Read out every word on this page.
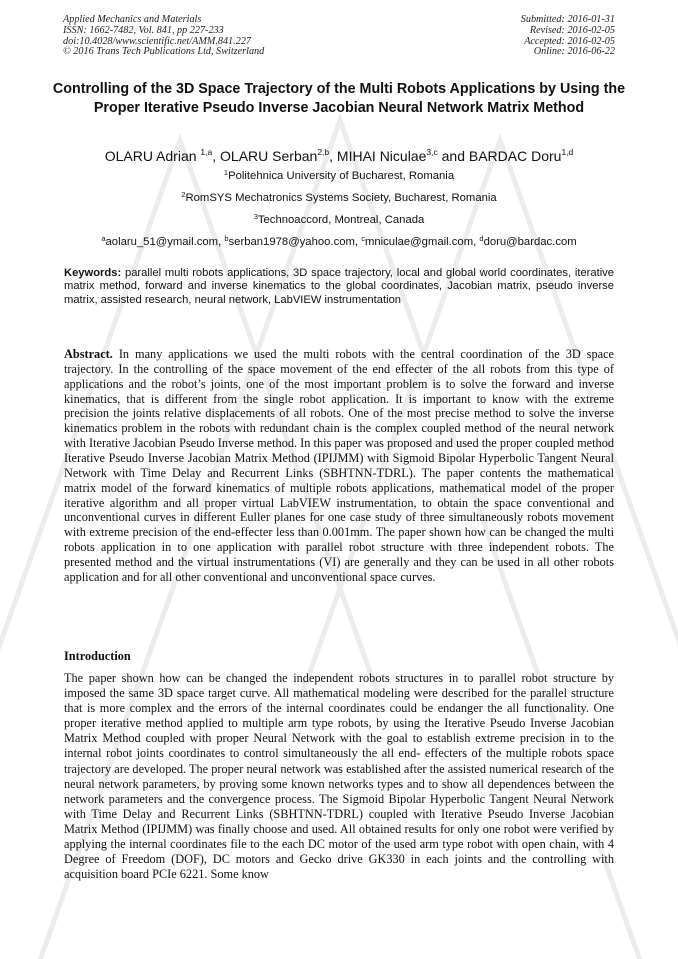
Applied Mechanics and Materials
ISSN: 1662-7482, Vol. 841, pp 227-233
doi:10.4028/www.scientific.net/AMM.841.227
© 2016 Trans Tech Publications Ltd, Switzerland
Submitted: 2016-01-31
Revised: 2016-02-05
Accepted: 2016-02-05
Online: 2016-06-22
Controlling of the 3D Space Trajectory of the Multi Robots Applications by Using the Proper Iterative Pseudo Inverse Jacobian Neural Network Matrix Method
OLARU Adrian $^{1,a}$, OLARU Serban$^{2,b}$, MIHAI Niculae$^{3,c}$ and BARDAC Doru$^{1,d}$
$^1$Politehnica University of Bucharest, Romania
$^2$RomSYS Mechatronics Systems Society, Bucharest, Romania
$^3$Technoaccord, Montreal, Canada
$^a$aolaru_51@ymail.com, $^b$serban1978@yahoo.com, $^c$mniculae@gmail.com, $^d$doru@bardac.com
Keywords: parallel multi robots applications, 3D space trajectory, local and global world coordinates, iterative matrix method, forward and inverse kinematics to the global coordinates, Jacobian matrix, pseudo inverse matrix, assisted research, neural network, LabVIEW instrumentation
Abstract. In many applications we used the multi robots with the central coordination of the 3D space trajectory. In the controlling of the space movement of the end effecter of the all robots from this type of applications and the robot’s joints, one of the most important problem is to solve the forward and inverse kinematics, that is different from the single robot application. It is important to know with the extreme precision the joints relative displacements of all robots. One of the most precise method to solve the inverse kinematics problem in the robots with redundant chain is the complex coupled method of the neural network with Iterative Jacobian Pseudo Inverse method. In this paper was proposed and used the proper coupled method Iterative Pseudo Inverse Jacobian Matrix Method (IPIJMM) with Sigmoid Bipolar Hyperbolic Tangent Neural Network with Time Delay and Recurrent Links (SBHTNN-TDRL). The paper contents the mathematical matrix model of the forward kinematics of multiple robots applications, mathematical model of the proper iterative algorithm and all proper virtual LabVIEW instrumentation, to obtain the space conventional and unconventional curves in different Euller planes for one case study of three simultaneously robots movement with extreme precision of the end-effecter less than 0.001mm. The paper shown how can be changed the multi robots application in to one application with parallel robot structure with three independent robots. The presented method and the virtual instrumentations (VI) are generally and they can be used in all other robots application and for all other conventional and unconventional space curves.
Introduction
The paper shown how can be changed the independent robots structures in to parallel robot structure by imposed the same 3D space target curve. All mathematical modeling were described for the parallel structure that is more complex and the errors of the internal coordinates could be endanger the all functionality. One proper iterative method applied to multiple arm type robots, by using the Iterative Pseudo Inverse Jacobian Matrix Method coupled with proper Neural Network with the goal to establish extreme precision in to the internal robot joints coordinates to control simultaneously the all end- effecters of the multiple robots space trajectory are developed. The proper neural network was established after the assisted numerical research of the neural network parameters, by proving some known networks types and to show all dependences between the network parameters and the convergence process. The Sigmoid Bipolar Hyperbolic Tangent Neural Network with Time Delay and Recurrent Links (SBHTNN-TDRL) coupled with Iterative Pseudo Inverse Jacobian Matrix Method (IPIJMM) was finally choose and used. All obtained results for only one robot were verified by applying the internal coordinates file to the each DC motor of the used arm type robot with open chain, with 4 Degree of Freedom (DOF), DC motors and Gecko drive GK330 in each joints and the controlling with acquisition board PCIe 6221. Some know
